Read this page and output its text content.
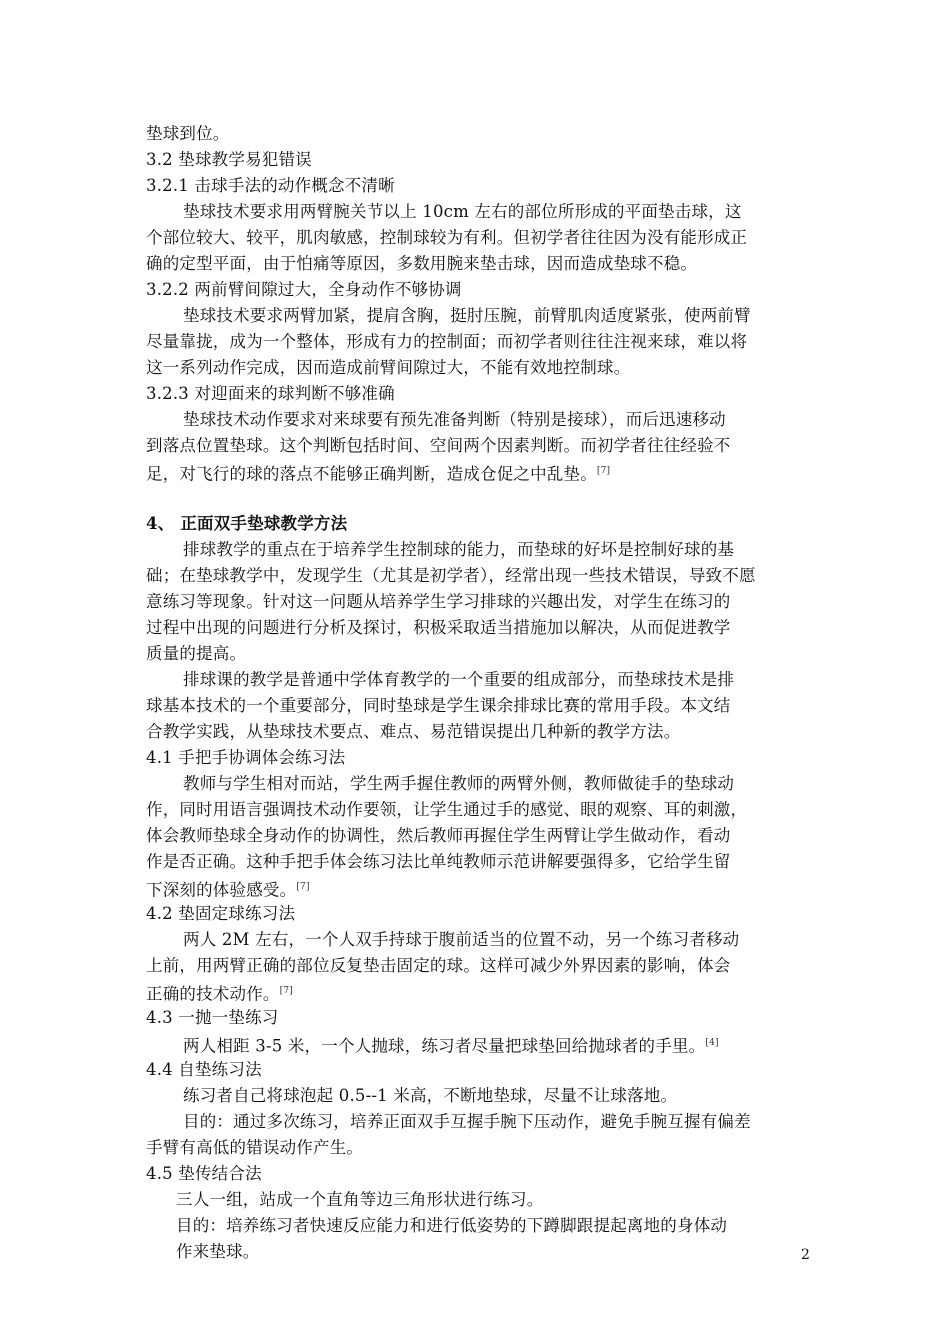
垫球到位。
3.2 垫球教学易犯错误
3.2.1 击球手法的动作概念不清晰
垫球技术要求用两臂腕关节以上 10cm 左右的部位所形成的平面垫击球，这
个部位较大、较平，肌肉敏感，控制球较为有利。但初学者往往因为没有能形成正
确的定型平面，由于怕痛等原因，多数用腕来垫击球，因而造成垫球不稳。
3.2.2 两前臂间隙过大，全身动作不够协调
垫球技术要求两臂加紧，提肩含胸，挺肘压腕，前臂肌肉适度紧张，使两前臂
尽量靠拢，成为一个整体，形成有力的控制面；而初学者则往往注视来球，难以将
这一系列动作完成，因而造成前臂间隙过大，不能有效地控制球。
3.2.3 对迎面来的球判断不够准确
垫球技术动作要求对来球要有预先准备判断（特别是接球），而后迅速移动
到落点位置垫球。这个判断包括时间、空间两个因素判断。而初学者往往经验不
足，对飞行的球的落点不能够正确判断，造成仓促之中乱垫。[7]
4、 正面双手垫球教学方法
排球教学的重点在于培养学生控制球的能力，而垫球的好坏是控制好球的基
础；在垫球教学中，发现学生（尤其是初学者），经常出现一些技术错误，导致不愿
意练习等现象。针对这一问题从培养学生学习排球的兴趣出发，对学生在练习的
过程中出现的问题进行分析及探讨，积极采取适当措施加以解决，从而促进教学
质量的提高。
排球课的教学是普通中学体育教学的一个重要的组成部分，而垫球技术是排
球基本技术的一个重要部分，同时垫球是学生课余排球比赛的常用手段。本文结
合教学实践，从垫球技术要点、难点、易范错误提出几种新的教学方法。
4.1 手把手协调体会练习法
教师与学生相对而站，学生两手握住教师的两臂外侧，教师做徒手的垫球动
作，同时用语言强调技术动作要领，让学生通过手的感觉、眼的观察、耳的刺激，
体会教师垫球全身动作的协调性，然后教师再握住学生两臂让学生做动作，看动
作是否正确。这种手把手体会练习法比单纯教师示范讲解要强得多，它给学生留
下深刻的体验感受。[7]
4.2 垫固定球练习法
两人 2M 左右，一个人双手持球于腹前适当的位置不动，另一个练习者移动
上前，用两臂正确的部位反复垫击固定的球。这样可减少外界因素的影响，体会
正确的技术动作。[7]
4.3 一抛一垫练习
两人相距 3-5 米，一个人抛球，练习者尽量把球垫回给抛球者的手里。[4]
4.4 自垫练习法
练习者自己将球泡起 0.5--1 米高，不断地垫球，尽量不让球落地。
目的：通过多次练习，培养正面双手互握手腕下压动作，避免手腕互握有偏差
手臂有高低的错误动作产生。
4.5 垫传结合法
三人一组，站成一个直角等边三角形状进行练习。
目的：培养练习者快速反应能力和进行低姿势的下蹲脚跟提起离地的身体动
作来垫球。	2
